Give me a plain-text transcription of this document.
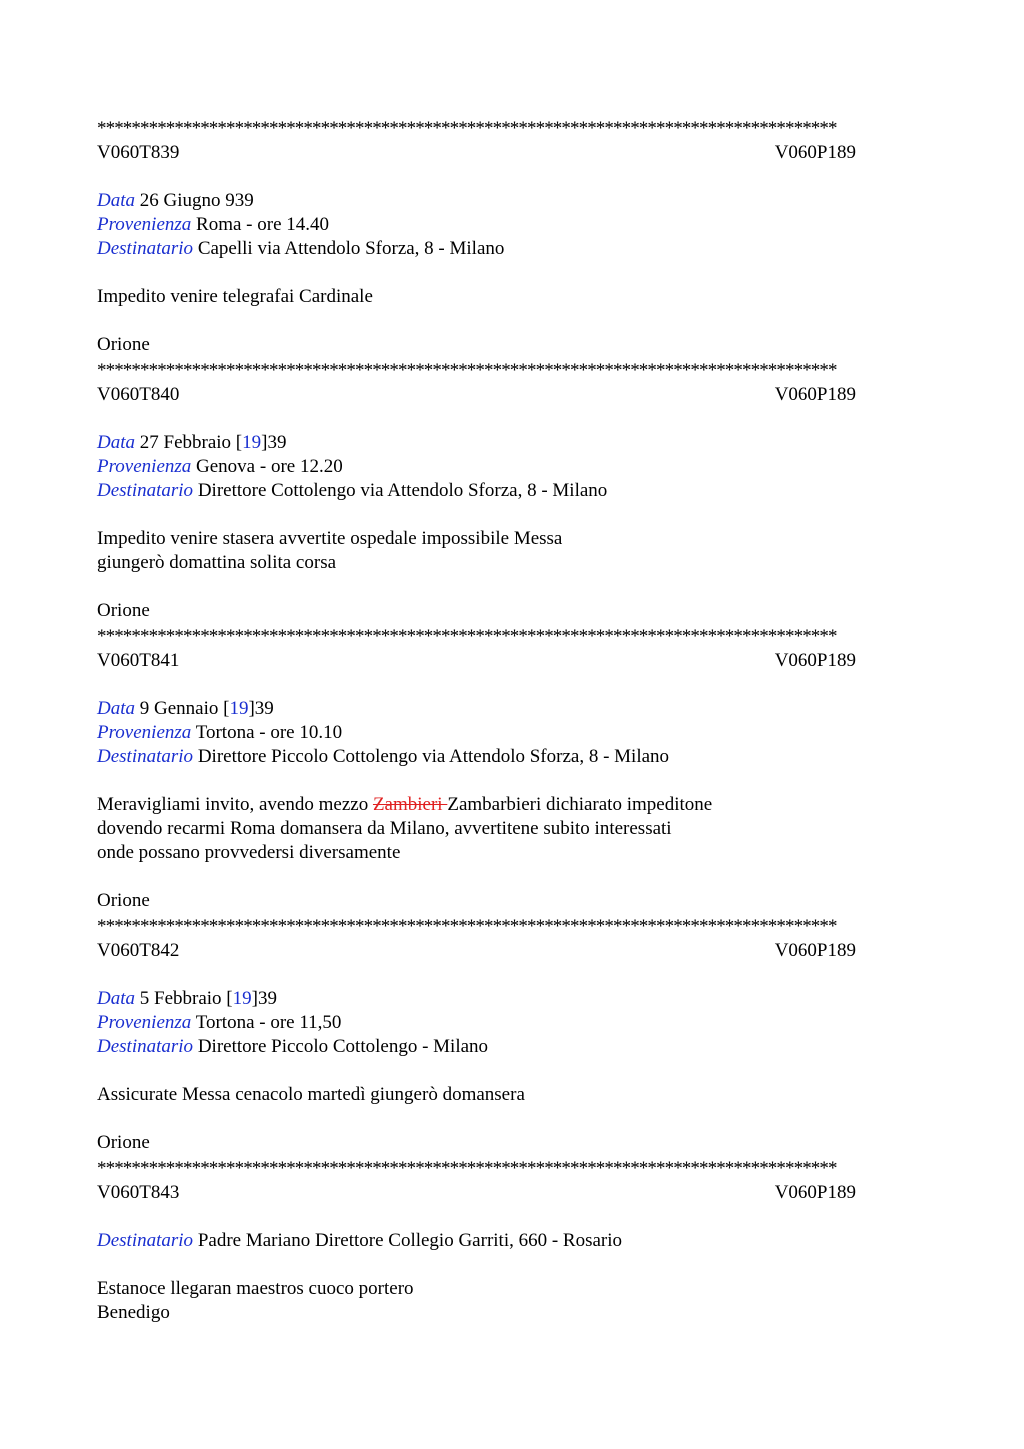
**************************************************************************************
V060T839	V060P189
Data 26 Giugno 939
Provenienza Roma - ore 14.40
Destinatario Capelli via Attendolo Sforza, 8 - Milano
Impedito venire telegrafai Cardinale
Orione
**************************************************************************************
V060T840	V060P189
Data 27 Febbraio [19]39
Provenienza Genova - ore 12.20
Destinatario Direttore Cottolengo via Attendolo Sforza, 8 - Milano
Impedito venire stasera avvertite ospedale impossibile Messa
giungerò domattina solita corsa
Orione
**************************************************************************************
V060T841	V060P189
Data 9 Gennaio [19]39
Provenienza Tortona - ore 10.10
Destinatario Direttore Piccolo Cottolengo via Attendolo Sforza, 8 - Milano
Meravigliami invito, avendo mezzo Zambieri Zambarbieri dichiarato impeditone
dovendo recarmi Roma domansera da Milano, avvertitene subito interessati
onde possano provvedersi diversamente
Orione
**************************************************************************************
V060T842	V060P189
Data 5 Febbraio [19]39
Provenienza Tortona - ore 11,50
Destinatario Direttore Piccolo Cottolengo - Milano
Assicurate Messa cenacolo martedì giungerò domansera
Orione
**************************************************************************************
V060T843	V060P189
Destinatario Padre Mariano Direttore Collegio Garriti, 660 - Rosario
Estanoce llegaran maestros cuoco portero
Benedigo
